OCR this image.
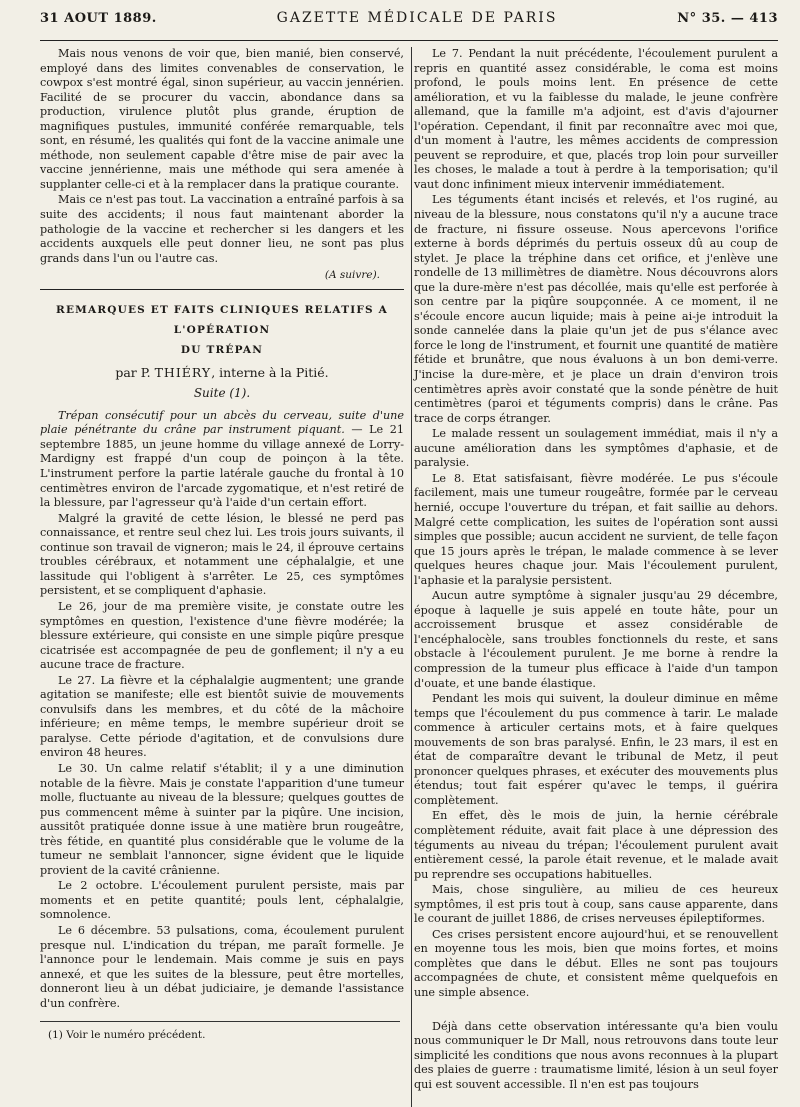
31 AOUT 1889.	GAZETTE MÉDICALE DE PARIS	N° 35. — 413

Mais nous venons de voir que, bien manié, bien conservé, employé dans des limites convenables de conservation, le cowpox s'est montré égal, sinon supérieur, au vaccin jennérien. Facilité de se procurer du vaccin, abondance dans sa production, virulence plutôt plus grande, éruption de magnifiques pustules, immunité conférée remarquable, tels sont, en résumé, les qualités qui font de la vaccine animale une méthode, non seulement capable d'être mise de pair avec la vaccine jennérienne, mais une méthode qui sera amenée à supplanter celle-ci et à la remplacer dans la pratique courante.

Mais ce n'est pas tout. La vaccination a entraîné parfois à sa suite des accidents; il nous faut maintenant aborder la pathologie de la vaccine et rechercher si les dangers et les accidents auxquels elle peut donner lieu, ne sont pas plus grands dans l'un ou l'autre cas.

(A suivre).
REMARQUES ET FAITS CLINIQUES RELATIFS A L'OPÉRATION
DU TRÉPAN
par P. THIÉRY, interne à la Pitié.
Suite (1).

Trépan consécutif pour un abcès du cerveau, suite d'une plaie pénétrante du crâne par instrument piquant. — Le 21 septembre 1885, un jeune homme du village annexé de Lorry-Mardigny est frappé d'un coup de poinçon à la tête. L'instrument perfore la partie latérale gauche du frontal à 10 centimètres environ de l'arcade zygomatique, et n'est retiré de la blessure, par l'agresseur qu'à l'aide d'un certain effort.

Malgré la gravité de cette lésion, le blessé ne perd pas connaissance, et rentre seul chez lui. Les trois jours suivants, il continue son travail de vigneron; mais le 24, il éprouve certains troubles cérébraux, et notamment une céphalalgie, et une lassitude qui l'obligent à s'arrêter. Le 25, ces symptômes persistent, et se compliquent d'aphasie.

Le 26, jour de ma première visite, je constate outre les symptômes en question, l'existence d'une fièvre modérée; la blessure extérieure, qui consiste en une simple piqûre presque cicatrisée est accompagnée de peu de gonflement; il n'y a eu aucune trace de fracture.

Le 27. La fièvre et la céphalalgie augmentent; une grande agitation se manifeste; elle est bientôt suivie de mouvements convulsifs dans les membres, et du côté de la mâchoire inférieure; en même temps, le membre supérieur droit se paralyse. Cette période d'agitation, et de convulsions dure environ 48 heures.

Le 30. Un calme relatif s'établit; il y a une diminution notable de la fièvre. Mais je constate l'apparition d'une tumeur molle, fluctuante au niveau de la blessure; quelques gouttes de pus commencent même à suinter par la piqûre. Une incision, aussitôt pratiquée donne issue à une matière brun rougeâtre, très fétide, en quantité plus considérable que le volume de la tumeur ne semblait l'annoncer, signe évident que le liquide provient de la cavité crânienne.

Le 2 octobre. L'écoulement purulent persiste, mais par moments et en petite quantité; pouls lent, céphalalgie, somnolence.

Le 6 décembre. 53 pulsations, coma, écoulement purulent presque nul. L'indication du trépan, me paraît formelle. Je l'annonce pour le lendemain. Mais comme je suis en pays annexé, et que les suites de la blessure, peut être mortelles, donneront lieu à un débat judiciaire, je demande l'assistance d'un confrère.

(1) Voir le numéro précédent.

Le 7. Pendant la nuit précédente, l'écoulement purulent a repris en quantité assez considérable, le coma est moins profond, le pouls moins lent. En présence de cette amélioration, et vu la faiblesse du malade, le jeune confrère allemand, que la famille m'a adjoint, est d'avis d'ajourner l'opération. Cependant, il finit par reconnaître avec moi que, d'un moment à l'autre, les mêmes accidents de compression peuvent se reproduire, et que, placés trop loin pour surveiller les choses, le malade a tout à perdre à la temporisation; qu'il vaut donc infiniment mieux intervenir immédiatement.

Les téguments étant incisés et relevés, et l'os ruginé, au niveau de la blessure, nous constatons qu'il n'y a aucune trace de fracture, ni fissure osseuse. Nous apercevons l'orifice externe à bords déprimés du pertuis osseux dû au coup de stylet. Je place la tréphine dans cet orifice, et j'enlève une rondelle de 13 millimètres de diamètre. Nous découvrons alors que la dure-mère n'est pas décollée, mais qu'elle est perforée à son centre par la piqûre soupçonnée. A ce moment, il ne s'écoule encore aucun liquide; mais à peine ai-je introduit la sonde cannelée dans la plaie qu'un jet de pus s'élance avec force le long de l'instrument, et fournit une quantité de matière fétide et brunâtre, que nous évaluons à un bon demi-verre. J'incise la dure-mère, et je place un drain d'environ trois centimètres après avoir constaté que la sonde pénètre de huit centimètres (paroi et téguments compris) dans le crâne. Pas trace de corps étranger.

Le malade ressent un soulagement immédiat, mais il n'y a aucune amélioration dans les symptômes d'aphasie, et de paralysie.

Le 8. Etat satisfaisant, fièvre modérée. Le pus s'écoule facilement, mais une tumeur rougeâtre, formée par le cerveau hernié, occupe l'ouverture du trépan, et fait saillie au dehors. Malgré cette complication, les suites de l'opération sont aussi simples que possible; aucun accident ne survient, de telle façon que 15 jours après le trépan, le malade commence à se lever quelques heures chaque jour. Mais l'écoulement purulent, l'aphasie et la paralysie persistent.

Aucun autre symptôme à signaler jusqu'au 29 décembre, époque à laquelle je suis appelé en toute hâte, pour un accroissement brusque et assez considérable de l'encéphalocèle, sans troubles fonctionnels du reste, et sans obstacle à l'écoulement purulent. Je me borne à rendre la compression de la tumeur plus efficace à l'aide d'un tampon d'ouate, et une bande élastique.

Pendant les mois qui suivent, la douleur diminue en même temps que l'écoulement du pus commence à tarir. Le malade commence à articuler certains mots, et à faire quelques mouvements de son bras paralysé. Enfin, le 23 mars, il est en état de comparaître devant le tribunal de Metz, il peut prononcer quelques phrases, et exécuter des mouvements plus étendus; tout fait espérer qu'avec le temps, il guérira complètement.

En effet, dès le mois de juin, la hernie cérébrale complètement réduite, avait fait place à une dépression des téguments au niveau du trépan; l'écoulement purulent avait entièrement cessé, la parole était revenue, et le malade avait pu reprendre ses occupations habituelles.

Mais, chose singulière, au milieu de ces heureux symptômes, il est pris tout à coup, sans cause apparente, dans le courant de juillet 1886, de crises nerveuses épileptiformes.

Ces crises persistent encore aujourd'hui, et se renouvellent en moyenne tous les mois, bien que moins fortes, et moins complètes que dans le début. Elles ne sont pas toujours accompagnées de chute, et consistent même quelquefois en une simple absence.

Déjà dans cette observation intéressante qu'a bien voulu nous communiquer le Dr Mall, nous retrouvons dans toute leur simplicité les conditions que nous avons reconnues à la plupart des plaies de guerre : traumatisme limité, lésion à un seul foyer qui est souvent accessible. Il n'en est pas toujours
